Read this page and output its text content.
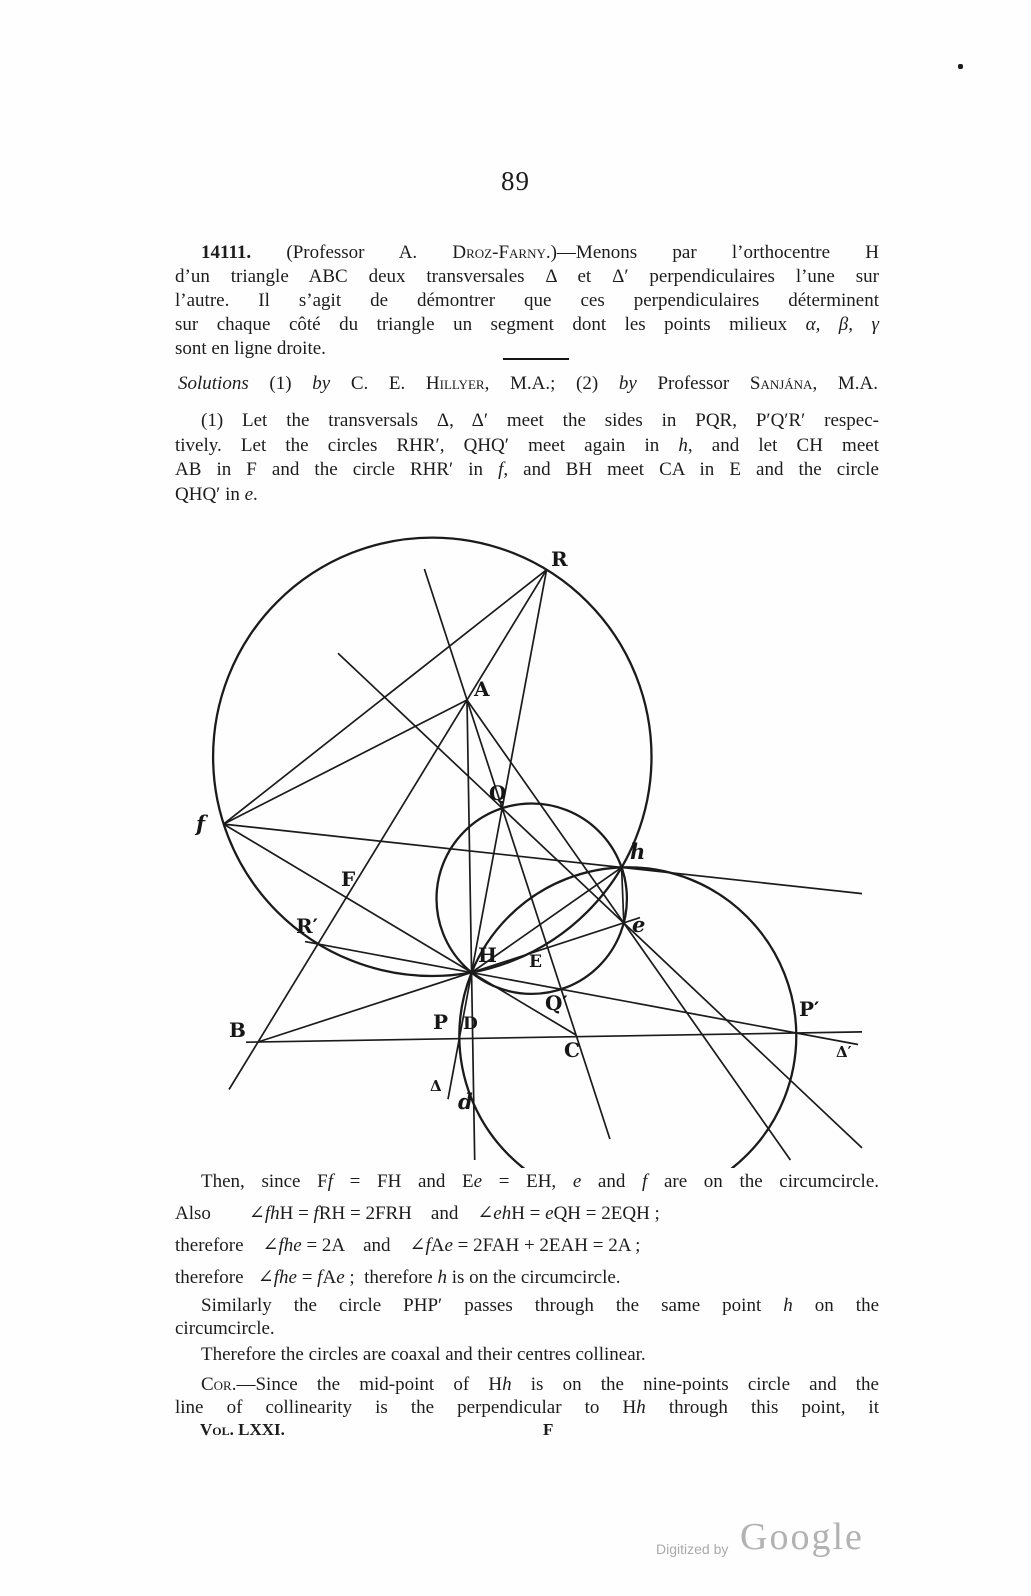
89
14111. (Professor A. Droz-Farny.)—Menons par l’orthocentre H
d’un triangle ABC deux transversales Δ et Δ′ perpendiculaires l’une sur
l’autre. Il s’agit de démontrer que ces perpendiculaires déterminent
sur chaque côté du triangle un segment dont les points milieux α, β, γ
sont en ligne droite.
Solutions (1) by C. E. Hillyer, M.A.; (2) by Professor Sanjána, M.A.
(1) Let the transversals Δ, Δ′ meet the sides in PQR, P′Q′R′ respec-
tively. Let the circles RHR′, QHQ′ meet again in h, and let CH meet
AB in F and the circle RHR′ in f, and BH meet CA in E and the circle
QHQ′ in e.
R
A
Q
f
h
e
F
R′
H E
Q′
P D
B
C
P′
Δ
Δ′
d
Then, since Ff = FH and Ee = EH, e and f are on the circumcircle.
Also        ∠fhH = fRH = 2FRH    and    ∠ehH = eQH = 2EQH ;
therefore    ∠fhe = 2A    and    ∠fAe = 2FAH + 2EAH = 2A ;
therefore   ∠fhe = fAe ;  therefore h is on the circumcircle.
Similarly the circle PHP′ passes through the same point h on the
circumcircle.
Therefore the circles are coaxal and their centres collinear.
Cor.—Since the mid-point of Hh is on the nine-points circle and the
line of collinearity is the perpendicular to Hh through this point, it
Vol. LXXI.	F
Digitized by Google
